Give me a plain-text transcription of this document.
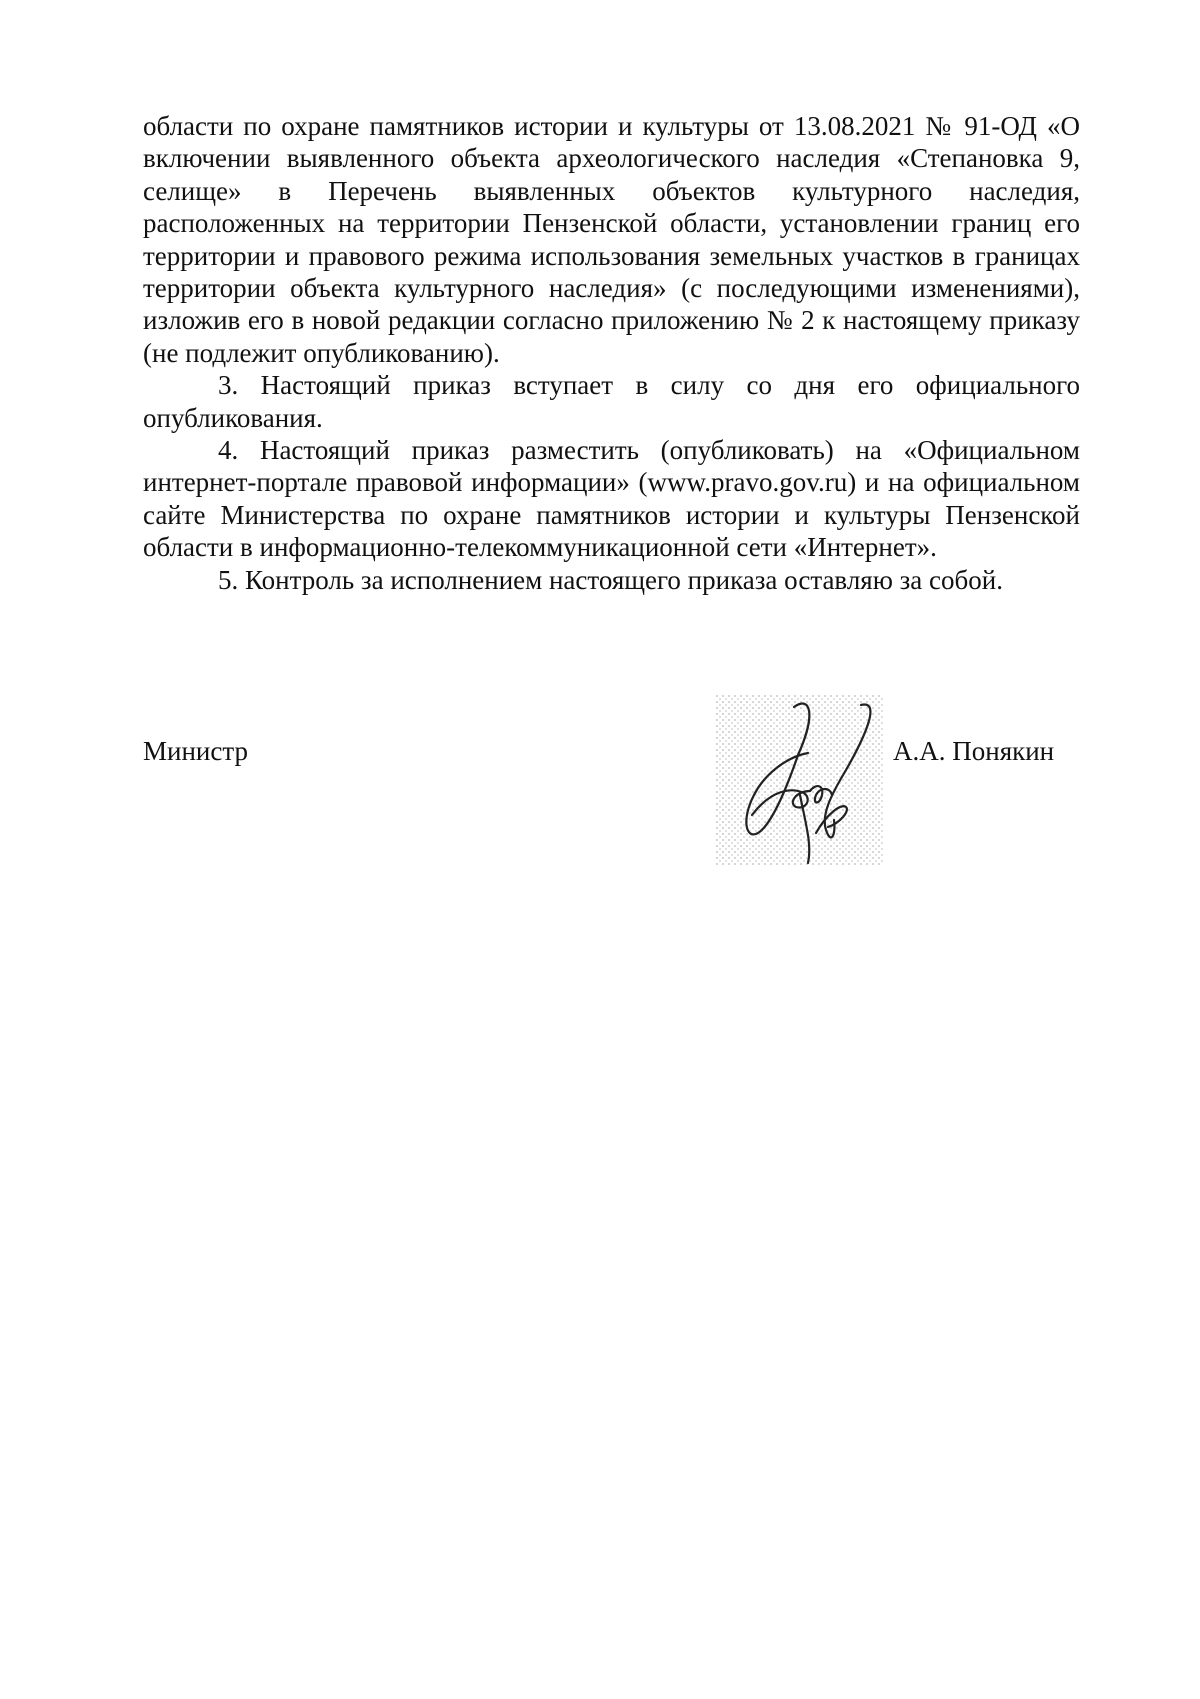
области по охране памятников истории и культуры от 13.08.2021 № 91-ОД «О включении выявленного объекта археологического наследия «Степановка 9, селище» в Перечень выявленных объектов культурного наследия, расположенных на территории Пензенской области, установлении границ его территории и правового режима использования земельных участков в границах территории объекта культурного наследия» (с последующими изменениями), изложив его в новой редакции согласно приложению № 2 к настоящему приказу (не подлежит опубликованию).

3. Настоящий приказ вступает в силу со дня его официального опубликования.

4. Настоящий приказ разместить (опубликовать) на «Официальном интернет-портале правовой информации» (www.pravo.gov.ru) и на официальном сайте Министерства по охране памятников истории и культуры Пензенской области в информационно-телекоммуникационной сети «Интернет».

5. Контроль за исполнением настоящего приказа оставляю за собой.

Министр	А.А. Понякин
